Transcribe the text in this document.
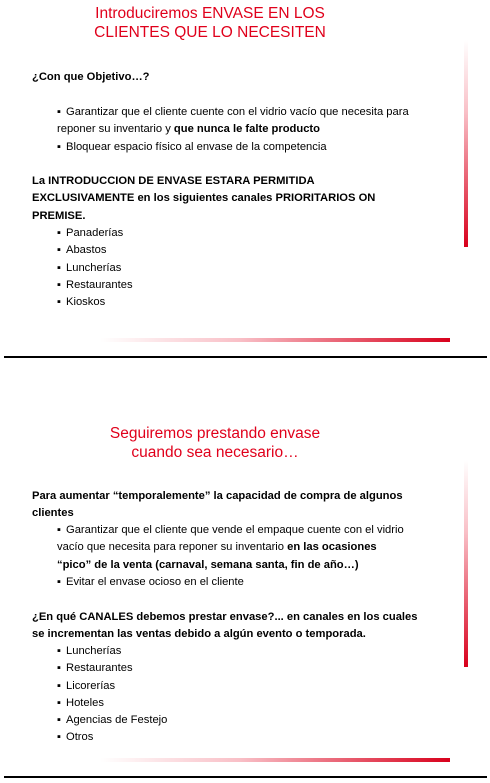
Introduciremos ENVASE EN LOS
CLIENTES QUE LO NECESITEN
¿Con que Objetivo…?
▪ Garantizar que el cliente cuente con el vidrio vacío que necesita para
reponer su inventario y que nunca le falte producto
▪ Bloquear espacio físico al envase de la competencia
La INTRODUCCION DE ENVASE ESTARA PERMITIDA
EXCLUSIVAMENTE en los siguientes canales PRIORITARIOS ON
PREMISE.
▪ Panaderías
▪ Abastos
▪ Luncherías
▪ Restaurantes
▪ Kioskos
Seguiremos prestando envase
cuando sea necesario…
Para aumentar “temporalemente” la capacidad de compra de algunos
clientes
▪ Garantizar que el cliente que vende el empaque cuente con el vidrio
vacío que necesita para reponer su inventario en las ocasiones
“pico” de la venta (carnaval, semana santa, fin de año…)
▪ Evitar el envase ocioso en el cliente
¿En qué CANALES debemos prestar envase?... en canales en los cuales
se incrementan las ventas debido a algún evento o temporada.
▪ Luncherías
▪ Restaurantes
▪ Licorerías
▪ Hoteles
▪ Agencias de Festejo
▪ Otros
